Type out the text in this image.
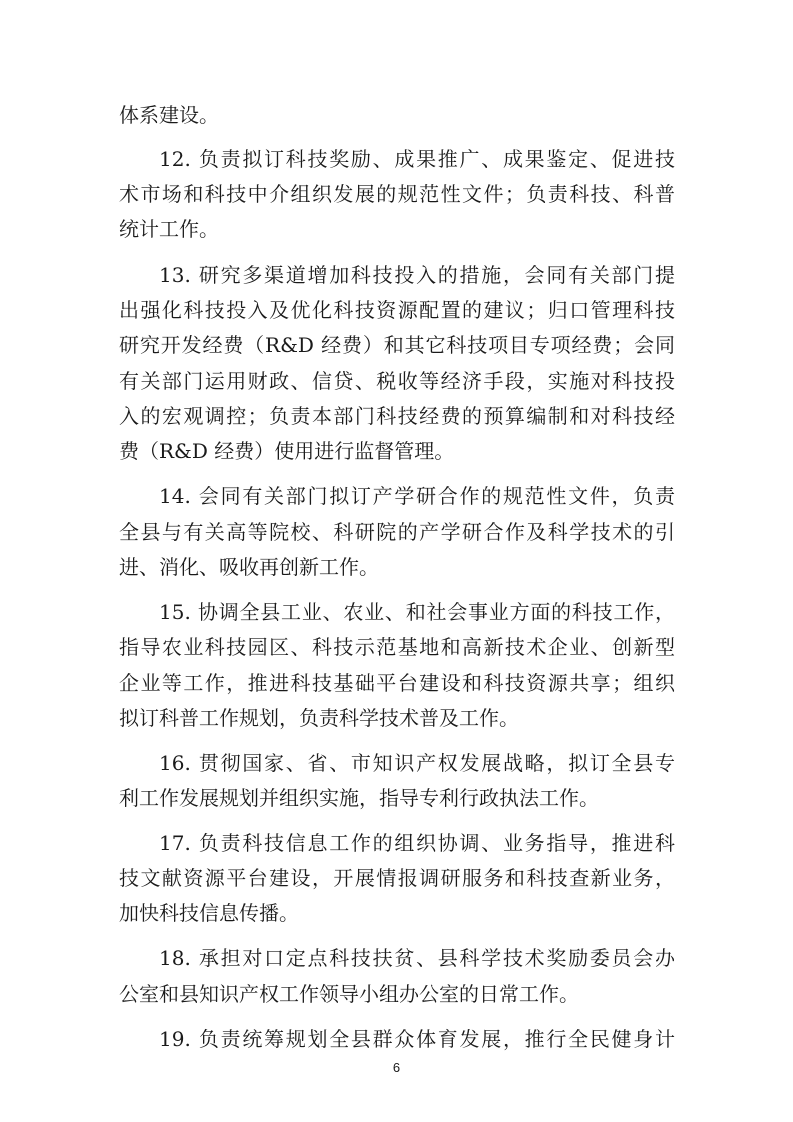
体系建设。
12. 负责拟订科技奖励、成果推广、成果鉴定、促进技
术市场和科技中介组织发展的规范性文件；负责科技、科普
统计工作。
13. 研究多渠道增加科技投入的措施，会同有关部门提
出强化科技投入及优化科技资源配置的建议；归口管理科技
研究开发经费（R&D 经费）和其它科技项目专项经费；会同
有关部门运用财政、信贷、税收等经济手段，实施对科技投
入的宏观调控；负责本部门科技经费的预算编制和对科技经
费（R&D 经费）使用进行监督管理。
14. 会同有关部门拟订产学研合作的规范性文件，负责
全县与有关高等院校、科研院的产学研合作及科学技术的引
进、消化、吸收再创新工作。
15. 协调全县工业、农业、和社会事业方面的科技工作，
指导农业科技园区、科技示范基地和高新技术企业、创新型
企业等工作，推进科技基础平台建设和科技资源共享；组织
拟订科普工作规划，负责科学技术普及工作。
16. 贯彻国家、省、市知识产权发展战略，拟订全县专
利工作发展规划并组织实施，指导专利行政执法工作。
17. 负责科技信息工作的组织协调、业务指导，推进科
技文献资源平台建设，开展情报调研服务和科技查新业务，
加快科技信息传播。
18. 承担对口定点科技扶贫、县科学技术奖励委员会办
公室和县知识产权工作领导小组办公室的日常工作。
19. 负责统筹规划全县群众体育发展，推行全民健身计
6
